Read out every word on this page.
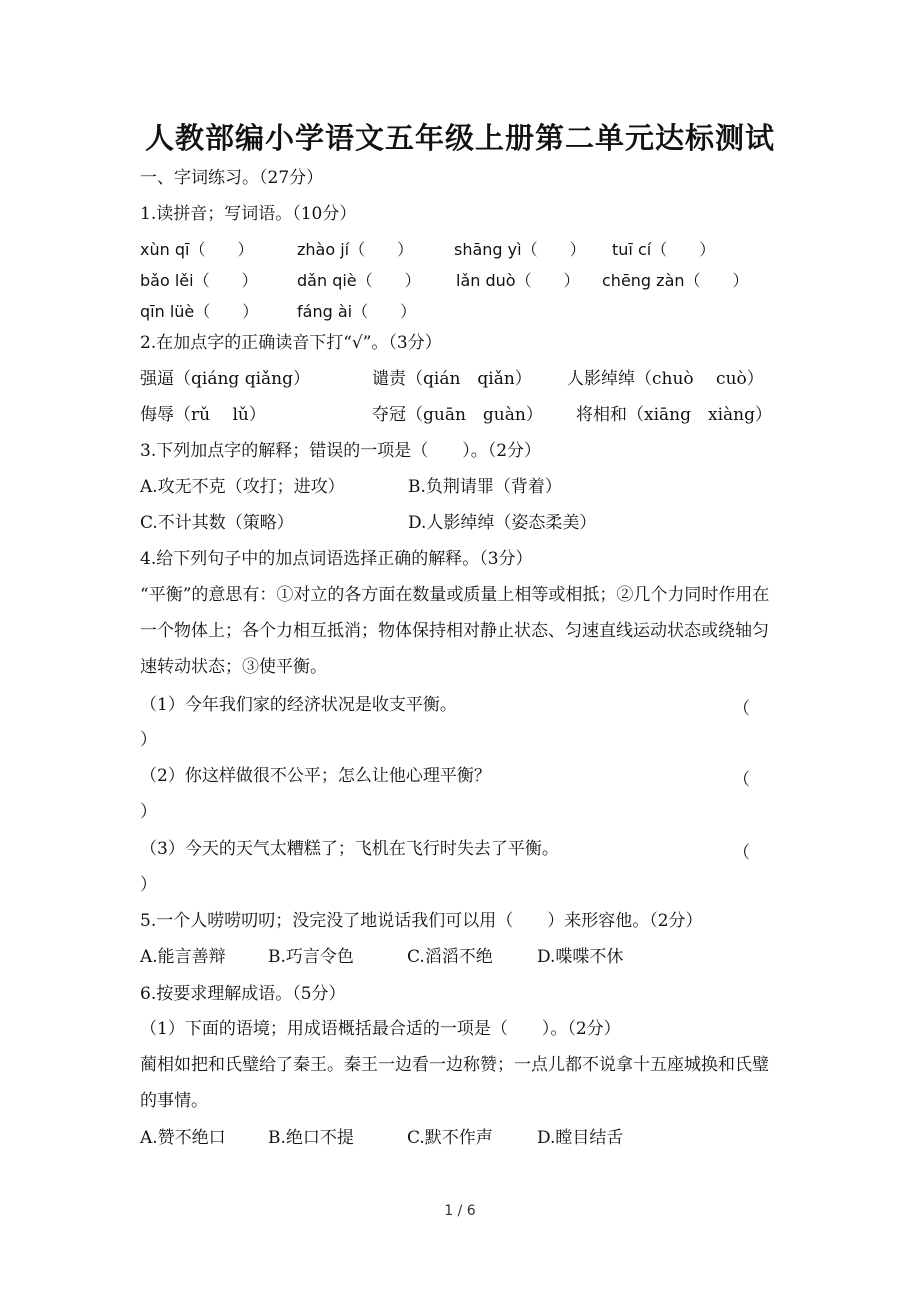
人教部编小学语文五年级上册第二单元达标测试
一、字词练习。（27分）
1.读拼音；写词语。（10分）
xùn qī（　　）	zhào jí（　　）	shāng yì（　　） tuī cí（　　）
bǎo lěi（　　） dǎn qiè（　　） lǎn duò（　　） chēng zàn（　　）
qīn lüè（　　） fáng ài（　　）
2.在加点字的正确读音下打“√”。（3分）
强逼（qiáng qiǎng）	谴责（qián　qiǎn） 人影绰绰（chuò　 cuò）
侮辱（rǔ　 lǔ）	夺冠（guān　guàn） 将相和（xiāng　xiàng）
3.下列加点字的解释；错误的一项是（　　）。（2分）
A.攻无不克（攻打；进攻）	B.负荆请罪（背着）
C.不计其数（策略）	D.人影绰绰（姿态柔美）
4.给下列句子中的加点词语选择正确的解释。（3分）
“平衡”的意思有：①对立的各方面在数量或质量上相等或相抵；②几个力同时作用在一个物体上；各个力相互抵消；物体保持相对静止状态、匀速直线运动状态或绕轴匀速转动状态；③使平衡。
（1）今年我们家的经济状况是收支平衡。	（
）
（2）你这样做很不公平；怎么让他心理平衡？	（
）
（3）今天的天气太糟糕了；飞机在飞行时失去了平衡。	（
）
5.一个人唠唠叨叨；没完没了地说话我们可以用（　　）来形容他。（2分）
A.能言善辩 B.巧言令色	C.滔滔不绝	D.喋喋不休
6.按要求理解成语。（5分）
（1）下面的语境；用成语概括最合适的一项是（　　）。（2分）
蔺相如把和氏璧给了秦王。秦王一边看一边称赞；一点儿都不说拿十五座城换和氏璧的事情。
A.赞不绝口 B.绝口不提	C.默不作声	D.瞠目结舌
1 / 6
